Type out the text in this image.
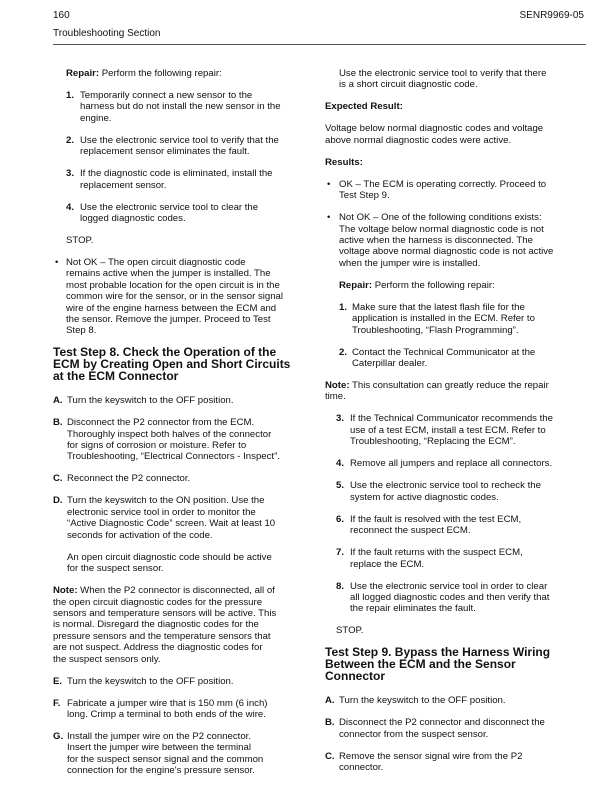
160
Troubleshooting Section
SENR9969-05
Repair: Perform the following repair:
1. Temporarily connect a new sensor to the
harness but do not install the new sensor in the
engine.
2. Use the electronic service tool to verify that the
replacement sensor eliminates the fault.
3. If the diagnostic code is eliminated, install the
replacement sensor.
4. Use the electronic service tool to clear the
logged diagnostic codes.
STOP.
• Not OK – The open circuit diagnostic code
remains active when the jumper is installed. The
most probable location for the open circuit is in the
common wire for the sensor, or in the sensor signal
wire of the engine harness between the ECM and
the sensor. Remove the jumper. Proceed to Test
Step 8.
Test Step 8. Check the Operation of the
ECM by Creating Open and Short Circuits
at the ECM Connector
A. Turn the keyswitch to the OFF position.
B. Disconnect the P2 connector from the ECM.
Thoroughly inspect both halves of the connector
for signs of corrosion or moisture. Refer to
Troubleshooting, “Electrical Connectors - Inspect”.
C. Reconnect the P2 connector.
D. Turn the keyswitch to the ON position. Use the
electronic service tool in order to monitor the
“Active Diagnostic Code” screen. Wait at least 10
seconds for activation of the code.
An open circuit diagnostic code should be active
for the suspect sensor.
Note: When the P2 connector is disconnected, all of
the open circuit diagnostic codes for the pressure
sensors and temperature sensors will be active. This
is normal. Disregard the diagnostic codes for the
pressure sensors and the temperature sensors that
are not suspect. Address the diagnostic codes for
the suspect sensors only.
E. Turn the keyswitch to the OFF position.
F. Fabricate a jumper wire that is 150 mm (6 inch)
long. Crimp a terminal to both ends of the wire.
G. Install the jumper wire on the P2 connector.
Insert the jumper wire between the terminal
for the suspect sensor signal and the common
connection for the engine's pressure sensor.
Use the electronic service tool to verify that there
is a short circuit diagnostic code.
Expected Result:
Voltage below normal diagnostic codes and voltage
above normal diagnostic codes were active.
Results:
• OK – The ECM is operating correctly. Proceed to
Test Step 9.
• Not OK – One of the following conditions exists:
The voltage below normal diagnostic code is not
active when the harness is disconnected. The
voltage above normal diagnostic code is not active
when the jumper wire is installed.
Repair: Perform the following repair:
1. Make sure that the latest flash file for the
application is installed in the ECM. Refer to
Troubleshooting, “Flash Programming”.
2. Contact the Technical Communicator at the
Caterpillar dealer.
Note: This consultation can greatly reduce the repair
time.
3. If the Technical Communicator recommends the
use of a test ECM, install a test ECM. Refer to
Troubleshooting, “Replacing the ECM”.
4. Remove all jumpers and replace all connectors.
5. Use the electronic service tool to recheck the
system for active diagnostic codes.
6. If the fault is resolved with the test ECM,
reconnect the suspect ECM.
7. If the fault returns with the suspect ECM,
replace the ECM.
8. Use the electronic service tool in order to clear
all logged diagnostic codes and then verify that
the repair eliminates the fault.
STOP.
Test Step 9. Bypass the Harness Wiring
Between the ECM and the Sensor
Connector
A. Turn the keyswitch to the OFF position.
B. Disconnect the P2 connector and disconnect the
connector from the suspect sensor.
C. Remove the sensor signal wire from the P2
connector.
